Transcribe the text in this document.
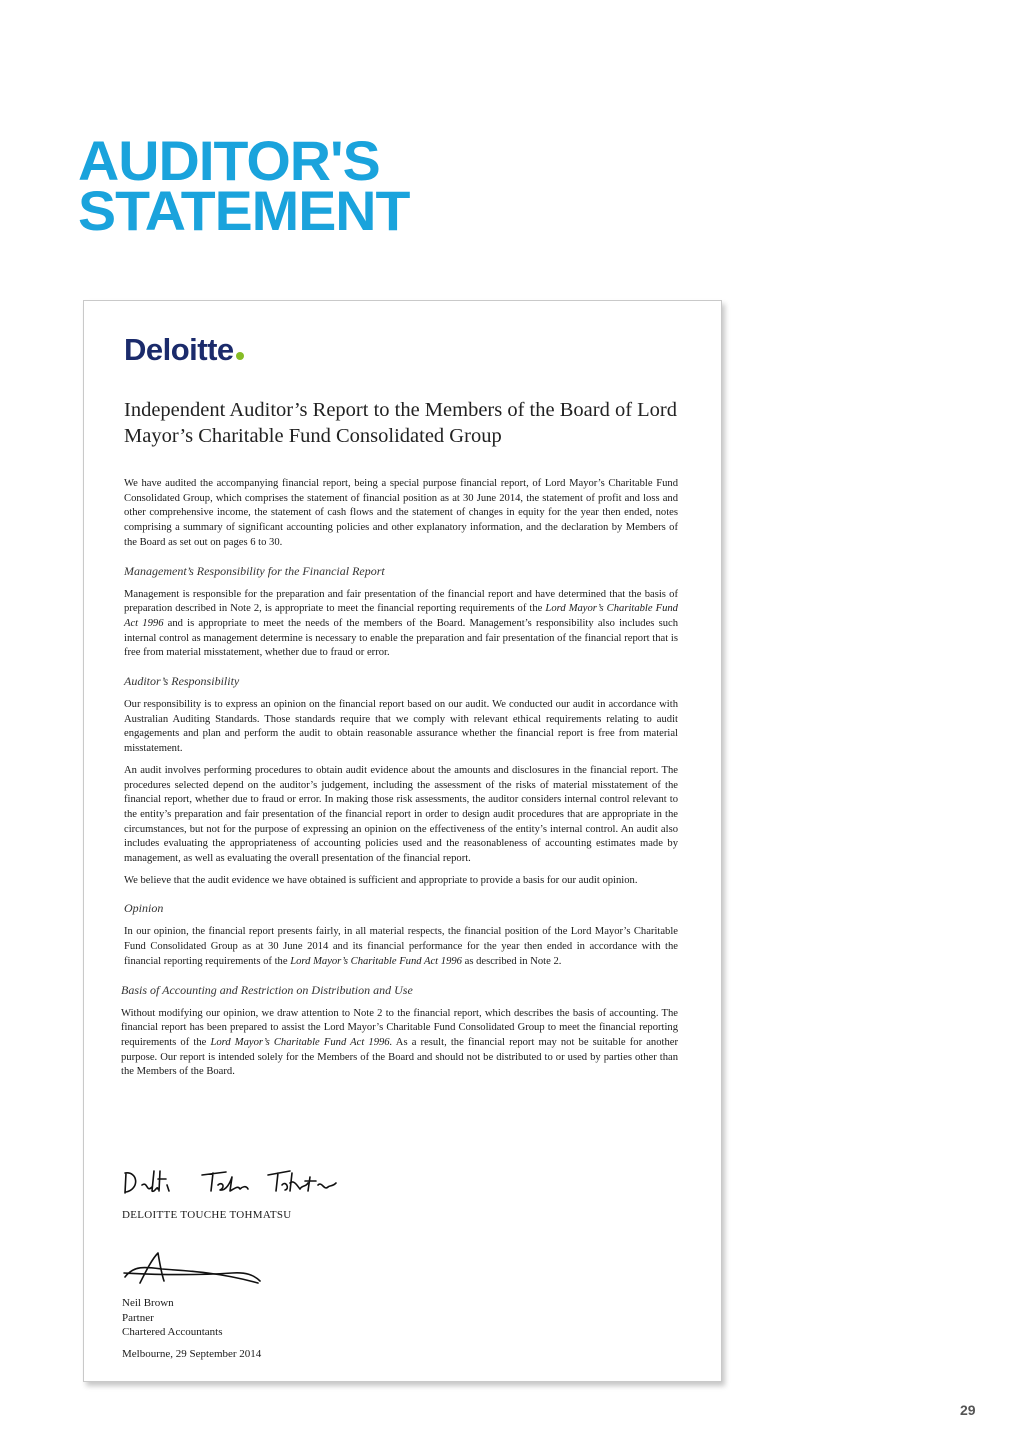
AUDITOR'S
STATEMENT
Deloitte
Independent Auditor’s Report to the Members of the Board of Lord Mayor’s Charitable Fund Consolidated Group

We have audited the accompanying financial report, being a special purpose financial report, of Lord Mayor’s Charitable Fund Consolidated Group, which comprises the statement of financial position as at 30 June 2014, the statement of profit and loss and other comprehensive income, the statement of cash flows and the statement of changes in equity for the year then ended, notes comprising a summary of significant accounting policies and other explanatory information, and the declaration by Members of the Board as set out on pages 6 to 30.

Management’s Responsibility for the Financial Report

Management is responsible for the preparation and fair presentation of the financial report and have determined that the basis of preparation described in Note 2, is appropriate to meet the financial reporting requirements of the Lord Mayor’s Charitable Fund Act 1996 and is appropriate to meet the needs of the members of the Board. Management’s responsibility also includes such internal control as management determine is necessary to enable the preparation and fair presentation of the financial report that is free from material misstatement, whether due to fraud or error.

Auditor’s Responsibility

Our responsibility is to express an opinion on the financial report based on our audit. We conducted our audit in accordance with Australian Auditing Standards. Those standards require that we comply with relevant ethical requirements relating to audit engagements and plan and perform the audit to obtain reasonable assurance whether the financial report is free from material misstatement.

An audit involves performing procedures to obtain audit evidence about the amounts and disclosures in the financial report. The procedures selected depend on the auditor’s judgement, including the assessment of the risks of material misstatement of the financial report, whether due to fraud or error. In making those risk assessments, the auditor considers internal control relevant to the entity’s preparation and fair presentation of the financial report in order to design audit procedures that are appropriate in the circumstances, but not for the purpose of expressing an opinion on the effectiveness of the entity’s internal control. An audit also includes evaluating the appropriateness of accounting policies used and the reasonableness of accounting estimates made by management, as well as evaluating the overall presentation of the financial report.

We believe that the audit evidence we have obtained is sufficient and appropriate to provide a basis for our audit opinion.

Opinion

In our opinion, the financial report presents fairly, in all material respects, the financial position of the Lord Mayor’s Charitable Fund Consolidated Group as at 30 June 2014 and its financial performance for the year then ended in accordance with the financial reporting requirements of the Lord Mayor’s Charitable Fund Act 1996 as described in Note 2.

Basis of Accounting and Restriction on Distribution and Use

Without modifying our opinion, we draw attention to Note 2 to the financial report, which describes the basis of accounting. The financial report has been prepared to assist the Lord Mayor’s Charitable Fund Consolidated Group to meet the financial reporting requirements of the Lord Mayor’s Charitable Fund Act 1996. As a result, the financial report may not be suitable for another purpose. Our report is intended solely for the Members of the Board and should not be distributed to or used by parties other than the Members of the Board.

DELOITTE TOUCHE TOHMATSU
Neil Brown
Partner
Chartered Accountants
Melbourne, 29 September 2014
29
